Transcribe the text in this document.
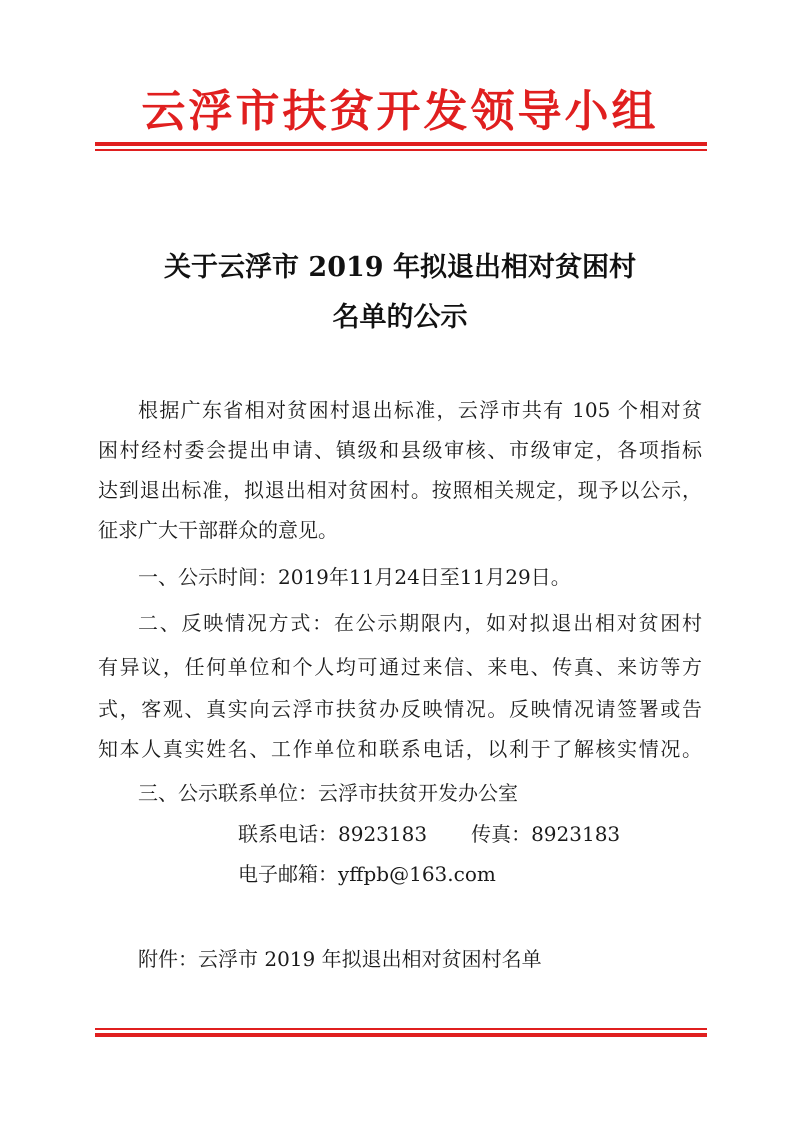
云浮市扶贫开发领导小组
关于云浮市 2019 年拟退出相对贫困村
名单的公示
根据广东省相对贫困村退出标准，云浮市共有 105 个相对贫
困村经村委会提出申请、镇级和县级审核、市级审定，各项指标
达到退出标准，拟退出相对贫困村。按照相关规定，现予以公示，
征求广大干部群众的意见。
一、公示时间：2019年11月24日至11月29日。
二、反映情况方式：在公示期限内，如对拟退出相对贫困村
有异议，任何单位和个人均可通过来信、来电、传真、来访等方
式，客观、真实向云浮市扶贫办反映情况。反映情况请签署或告
知本人真实姓名、工作单位和联系电话，以利于了解核实情况。
三、公示联系单位：云浮市扶贫开发办公室
联系电话：8923183 传真：8923183
电子邮箱：yffpb@163.com
附件：云浮市 2019 年拟退出相对贫困村名单
